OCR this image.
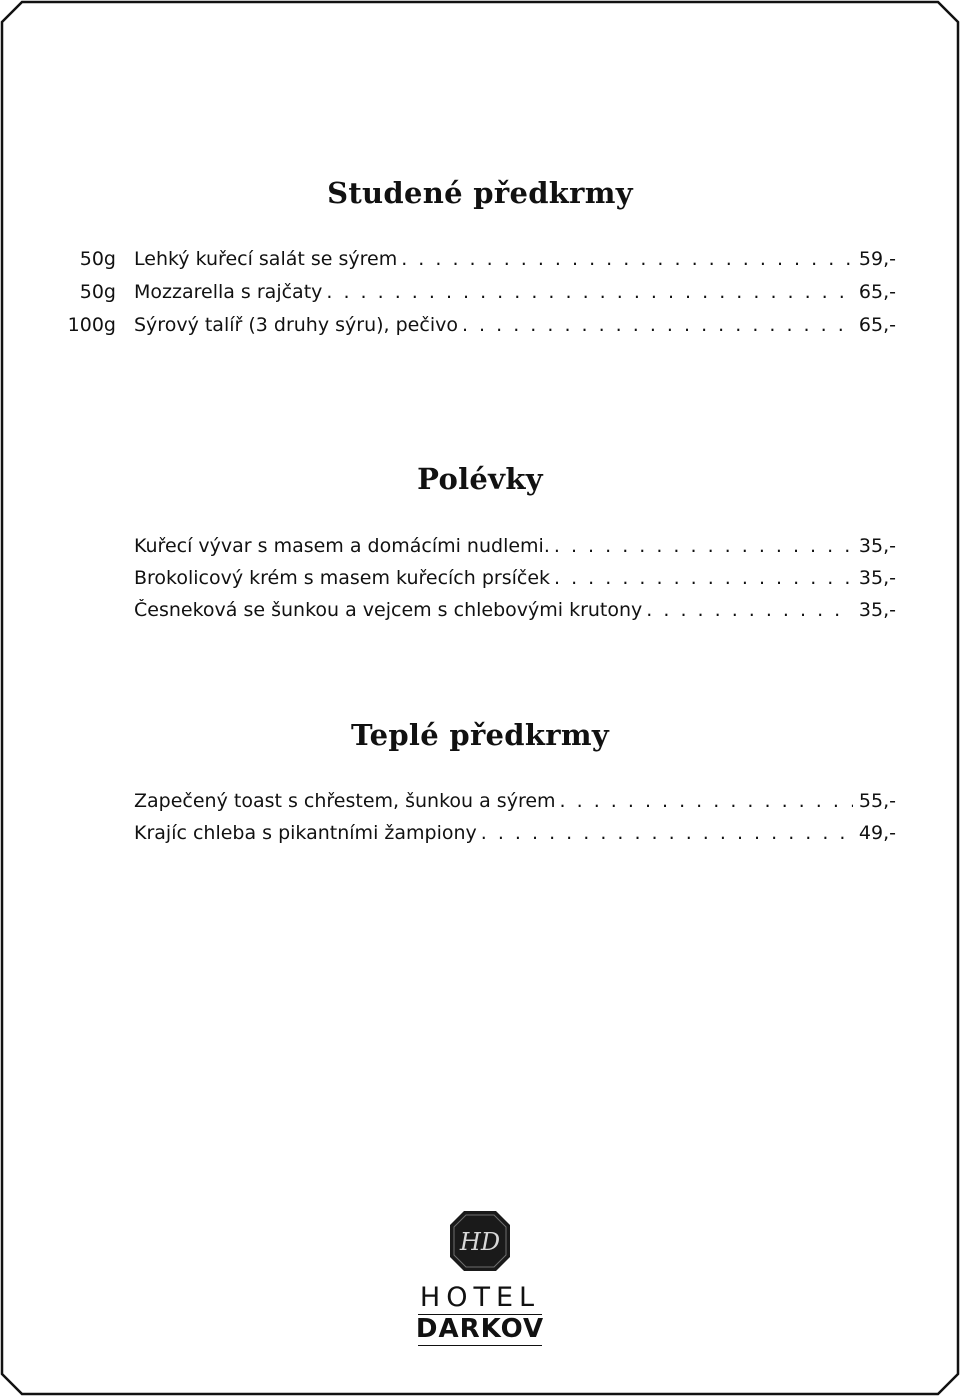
Studené předkrmy
50g Lehký kuřecí salát se sýrem . . .	59,-
50g Mozzarella s rajčaty . . .	65,-
100g Sýrový talíř (3 druhy sýru), pečivo . . .	65,-
Polévky
Kuřecí vývar s masem a domácími nudlemi. . . .	35,-
Brokolicový krém s masem kuřecích prsíček . . .	35,-
Česneková se šunkou a vejcem s chlebovými krutony . . .	35,-
Teplé předkrmy
Zapečený toast s chřestem, šunkou a sýrem . . .	55,-
Krajíc chleba s pikantními žampiony . . .	49,-
HD
HOTEL
DARKOV
